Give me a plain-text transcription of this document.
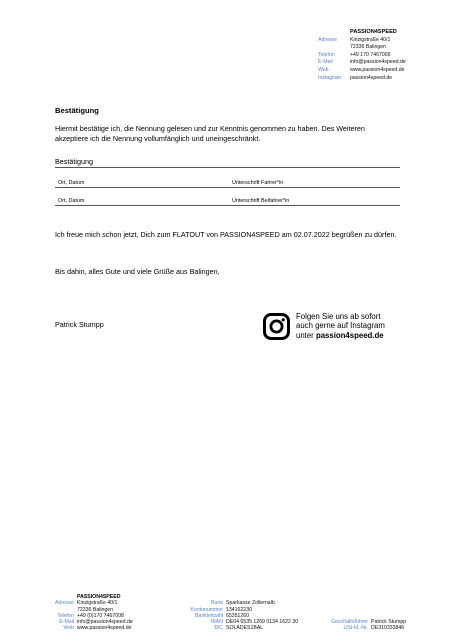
PASSION4SPEED
Adresse	Kinzigstraße 40/1
72336 Balingen
Telefon	+49 170 7467009
E-Mail	info@passion4speed.de
Web	www.passion4speed.de
Instagram	passion4speed.de
Bestätigung
Hiermit bestätige ich, die Nennung gelesen und zur Kenntnis genommen zu haben. Des Weiteren akzeptiere ich die Nennung vollumfänglich und uneingeschränkt.
Bestätigung
Ort, Datum	Unterschrift Fahrer*in
Ort, Datum	Unterschrift Beifahrer*in
Ich freue mich schon jetzt, Dich zum FLATOUT von PASSION4SPEED am 02.07.2022 begrüßen zu dürfen.
Bis dahin, alles Gute und viele Grüße aus Balingen,
Patrick Stumpp
Folgen Sie uns ab sofort
auch gerne auf Instagram
unter passion4speed.de
PASSION4SPEED
Adresse Kinzigstraße 40/1
72336 Balingen
Telefon +49 (0)170 7467008
E-Mail info@passion4speed.de
Web www.passion4speed.de
Bank Sparkasse Zollernalb
Kontonummer 134162230
Bankleitzahl 65351260
IBAN DE04 6535 1260 0134 1622 30
BIC SOLADES1BAL
Geschäftsführer Patrick Stumpp
USt-Id.-Nr. DE310333846
